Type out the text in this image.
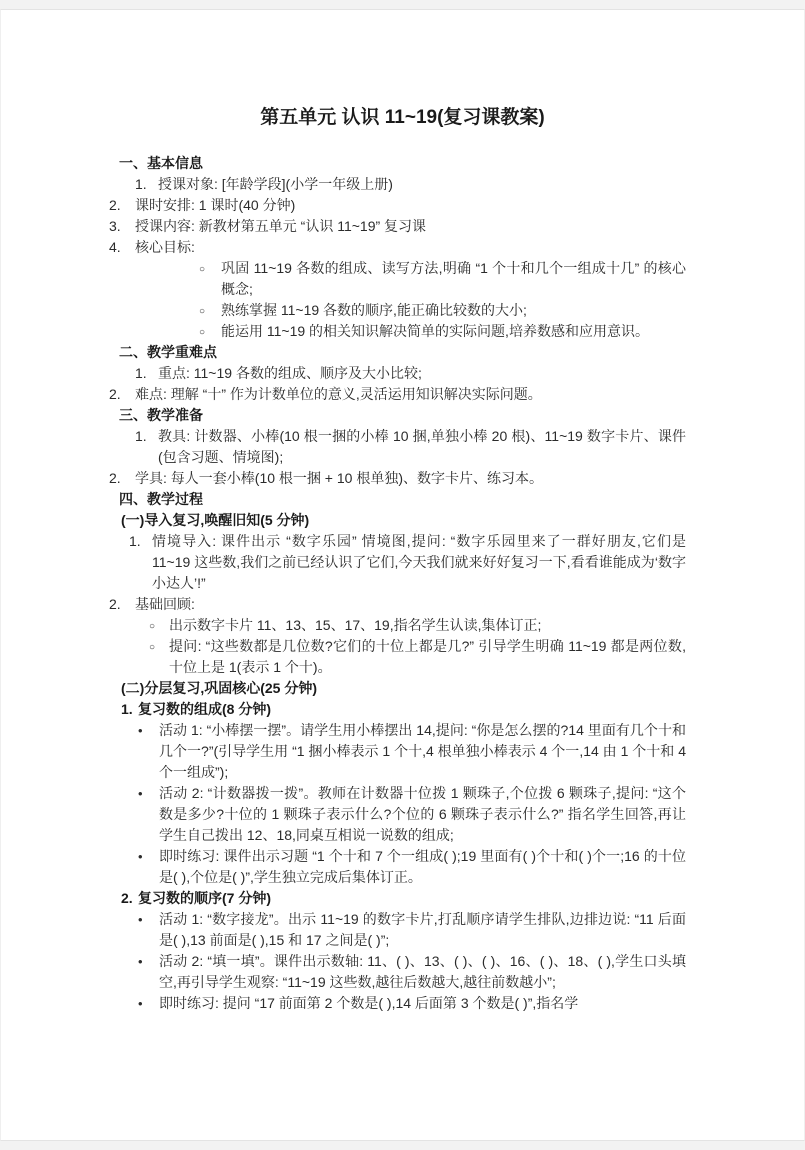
第五单元 认识 11~19(复习课教案)
一、基本信息
1. 授课对象: [年龄学段](小学一年级上册)
2. 课时安排: 1 课时(40 分钟)
3. 授课内容: 新教材第五单元 “认识 11~19” 复习课
4. 核心目标:
○ 巩固 11~19 各数的组成、读写方法,明确 “1 个十和几个一组成十几” 的核心概念;
○ 熟练掌握 11~19 各数的顺序,能正确比较数的大小;
○ 能运用 11~19 的相关知识解决简单的实际问题,培养数感和应用意识。
二、教学重难点
1. 重点: 11~19 各数的组成、顺序及大小比较;
2. 难点: 理解 “十” 作为计数单位的意义,灵活运用知识解决实际问题。
三、教学准备
1. 教具: 计数器、小棒(10 根一捆的小棒 10 捆,单独小棒 20 根)、11~19 数字卡片、课件(包含习题、情境图);
2. 学具: 每人一套小棒(10 根一捆 + 10 根单独)、数字卡片、练习本。
四、教学过程
(一)导入复习,唤醒旧知(5 分钟)
1. 情境导入: 课件出示 “数字乐园” 情境图,提问: “数字乐园里来了一群好朋友,它们是 11~19 这些数,我们之前已经认识了它们,今天我们就来好好复习一下,看看谁能成为‘数字小达人’!”
2. 基础回顾:
○ 出示数字卡片 11、13、15、17、19,指名学生认读,集体订正;
○ 提问: “这些数都是几位数?它们的十位上都是几?” 引导学生明确 11~19 都是两位数,十位上是 1(表示 1 个十)。
(二)分层复习,巩固核心(25 分钟)
1. 复习数的组成(8 分钟)
• 活动 1: “小棒摆一摆”。请学生用小棒摆出 14,提问: “你是怎么摆的?14 里面有几个十和几个一?”(引导学生用 “1 捆小棒表示 1 个十,4 根单独小棒表示 4 个一,14 由 1 个十和 4 个一组成”);
• 活动 2: “计数器拨一拨”。教师在计数器十位拨 1 颗珠子,个位拨 6 颗珠子,提问: “这个数是多少?十位的 1 颗珠子表示什么?个位的 6 颗珠子表示什么?” 指名学生回答,再让学生自己拨出 12、18,同桌互相说一说数的组成;
• 即时练习: 课件出示习题 “1 个十和 7 个一组成( );19 里面有( )个十和( )个一;16 的十位是( ),个位是( )”,学生独立完成后集体订正。
2. 复习数的顺序(7 分钟)
• 活动 1: “数字接龙”。出示 11~19 的数字卡片,打乱顺序请学生排队,边排边说: “11 后面是( ),13 前面是( ),15 和 17 之间是( )”;
• 活动 2: “填一填”。课件出示数轴: 11、( )、13、( )、( )、16、( )、18、( ),学生口头填空,再引导学生观察: “11~19 这些数,越往后数越大,越往前数越小”;
• 即时练习: 提问 “17 前面第 2 个数是( ),14 后面第 3 个数是( )”,指名学
